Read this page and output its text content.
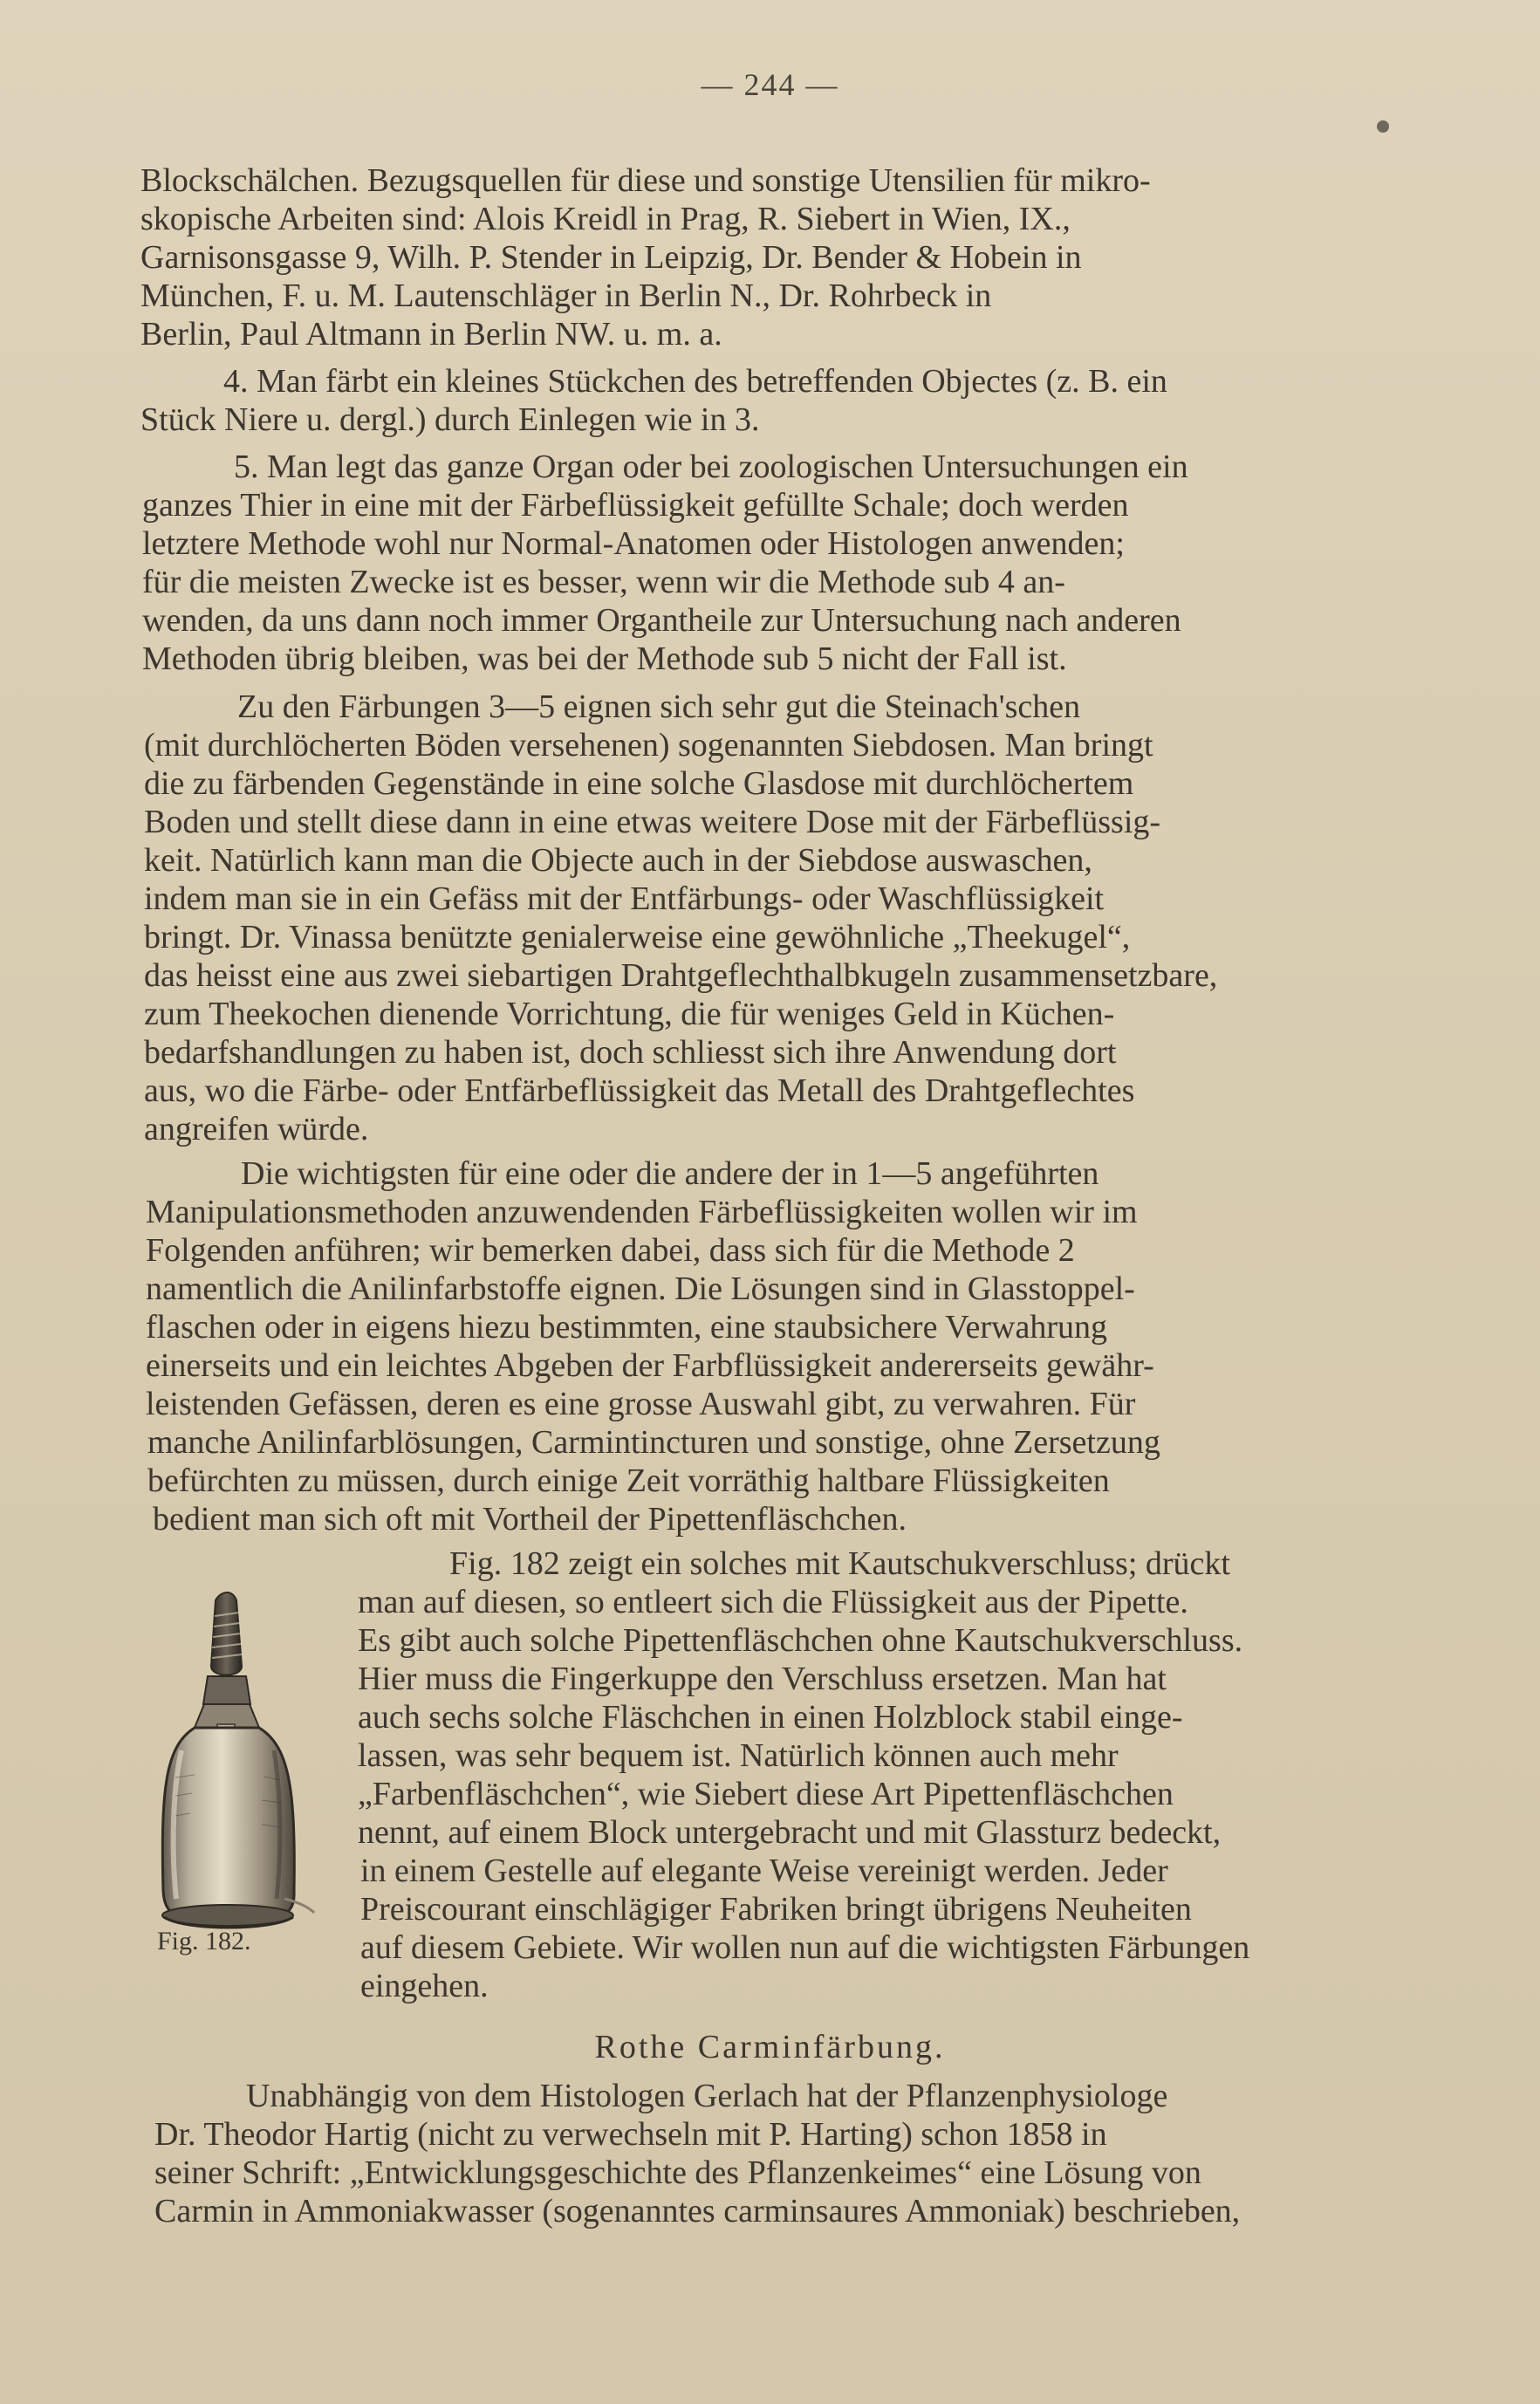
— 244 —
Blockschälchen. Bezugsquellen für diese und sonstige Utensilien für mikro-
skopische Arbeiten sind: Alois Kreidl in Prag, R. Siebert in Wien, IX.,
Garnisonsgasse 9, Wilh. P. Stender in Leipzig, Dr. Bender & Hobein in
München, F. u. M. Lautenschläger in Berlin N., Dr. Rohrbeck in
Berlin, Paul Altmann in Berlin NW. u. m. a.
4. Man färbt ein kleines Stückchen des betreffenden Objectes (z. B. ein
Stück Niere u. dergl.) durch Einlegen wie in 3.
5. Man legt das ganze Organ oder bei zoologischen Untersuchungen ein
ganzes Thier in eine mit der Färbeflüssigkeit gefüllte Schale; doch werden
letztere Methode wohl nur Normal-Anatomen oder Histologen anwenden;
für die meisten Zwecke ist es besser, wenn wir die Methode sub 4 an-
wenden, da uns dann noch immer Organtheile zur Untersuchung nach anderen
Methoden übrig bleiben, was bei der Methode sub 5 nicht der Fall ist.
Zu den Färbungen 3—5 eignen sich sehr gut die Steinach'schen
(mit durchlöcherten Böden versehenen) sogenannten Siebdosen. Man bringt
die zu färbenden Gegenstände in eine solche Glasdose mit durchlöchertem
Boden und stellt diese dann in eine etwas weitere Dose mit der Färbeflüssig-
keit. Natürlich kann man die Objecte auch in der Siebdose auswaschen,
indem man sie in ein Gefäss mit der Entfärbungs- oder Waschflüssigkeit
bringt. Dr. Vinassa benützte genialerweise eine gewöhnliche „Theekugel“,
das heisst eine aus zwei siebartigen Drahtgeflechthalbkugeln zusammensetzbare,
zum Theekochen dienende Vorrichtung, die für weniges Geld in Küchen-
bedarfshandlungen zu haben ist, doch schliesst sich ihre Anwendung dort
aus, wo die Färbe- oder Entfärbeflüssigkeit das Metall des Drahtgeflechtes
angreifen würde.
Die wichtigsten für eine oder die andere der in 1—5 angeführten
Manipulationsmethoden anzuwendenden Färbeflüssigkeiten wollen wir im
Folgenden anführen; wir bemerken dabei, dass sich für die Methode 2
namentlich die Anilinfarbstoffe eignen. Die Lösungen sind in Glasstoppel-
flaschen oder in eigens hiezu bestimmten, eine staubsichere Verwahrung
einerseits und ein leichtes Abgeben der Farbflüssigkeit andererseits gewähr-
leistenden Gefässen, deren es eine grosse Auswahl gibt, zu verwahren. Für
manche Anilinfarblösungen, Carmintincturen und sonstige, ohne Zersetzung
befürchten zu müssen, durch einige Zeit vorräthig haltbare Flüssigkeiten
bedient man sich oft mit Vortheil der Pipettenfläschchen.
Fig. 182 zeigt ein solches mit Kautschukverschluss; drückt
man auf diesen, so entleert sich die Flüssigkeit aus der Pipette.
Es gibt auch solche Pipettenfläschchen ohne Kautschukverschluss.
Hier muss die Fingerkuppe den Verschluss ersetzen. Man hat
auch sechs solche Fläschchen in einen Holzblock stabil einge-
lassen, was sehr bequem ist. Natürlich können auch mehr
„Farbenfläschchen“, wie Siebert diese Art Pipettenfläschchen
nennt, auf einem Block untergebracht und mit Glassturz bedeckt,
in einem Gestelle auf elegante Weise vereinigt werden. Jeder
Preiscourant einschlägiger Fabriken bringt übrigens Neuheiten
auf diesem Gebiete. Wir wollen nun auf die wichtigsten Färbungen
eingehen.
Unabhängig von dem Histologen Gerlach hat der Pflanzenphysiologe
Dr. Theodor Hartig (nicht zu verwechseln mit P. Harting) schon 1858 in
seiner Schrift: „Entwicklungsgeschichte des Pflanzenkeimes“ eine Lösung von
Carmin in Ammoniakwasser (sogenanntes carminsaures Ammoniak) beschrieben,
Fig. 182.
Rothe Carminfärbung.
